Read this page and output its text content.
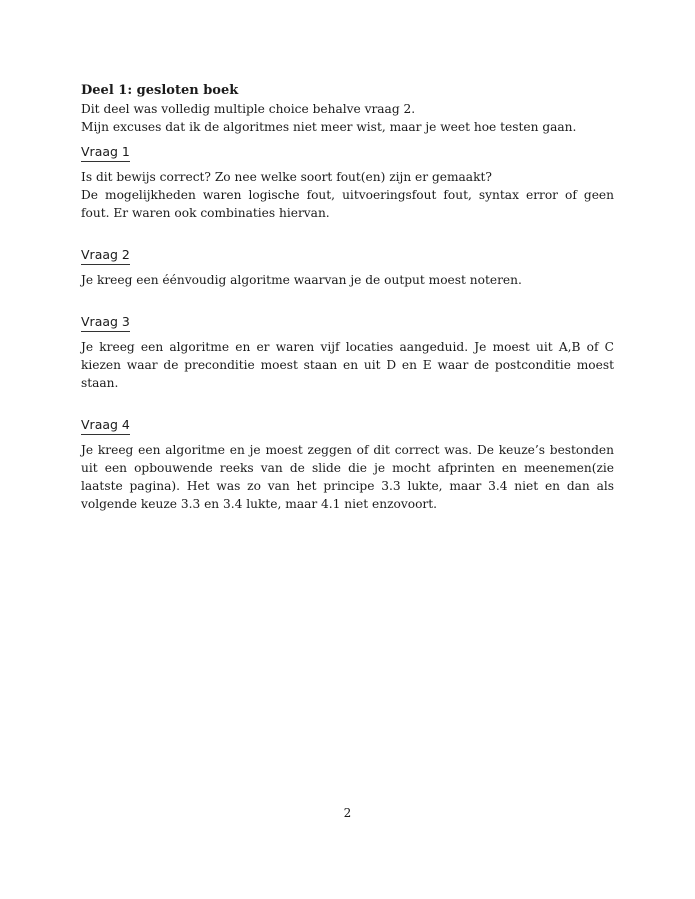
Deel 1: gesloten boek
Dit deel was volledig multiple choice behalve vraag 2.
Mijn excuses dat ik de algoritmes niet meer wist, maar je weet hoe testen gaan.
Vraag 1
Is dit bewijs correct? Zo nee welke soort fout(en) zijn er gemaakt?
De mogelijkheden waren logische fout, uitvoeringsfout fout, syntax error of geen fout. Er waren ook combinaties hiervan.
Vraag 2
Je kreeg een éénvoudig algoritme waarvan je de output moest noteren.
Vraag 3
Je kreeg een algoritme en er waren vijf locaties aangeduid. Je moest uit A,B of C kiezen waar de preconditie moest staan en uit D en E waar de postconditie moest staan.
Vraag 4
Je kreeg een algoritme en je moest zeggen of dit correct was. De keuze’s bestonden uit een opbouwende reeks van de slide die je mocht afprinten en meenemen(zie laatste pagina). Het was zo van het principe 3.3 lukte, maar 3.4 niet en dan als volgende keuze 3.3 en 3.4 lukte, maar 4.1 niet enzovoort.
2
